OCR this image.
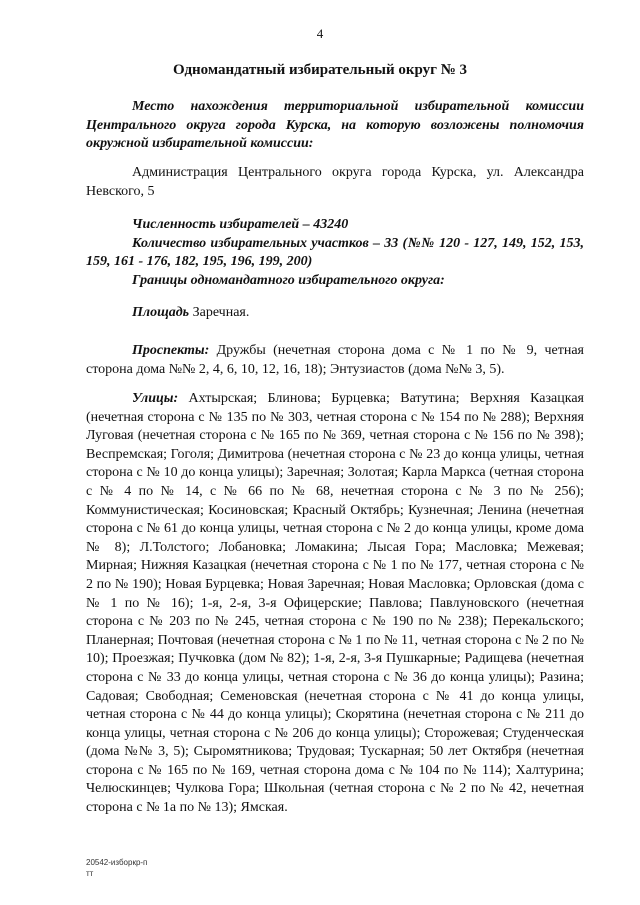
4
Одномандатный избирательный округ № 3
Место нахождения территориальной избирательной комиссии Центрального округа города Курска, на которую возложены полномочия окружной избирательной комиссии:
Администрация Центрального округа города Курска, ул. Александра Невского, 5
Численность избирателей – 43240
Количество избирательных участков – 33 (№№ 120 - 127, 149, 152, 153, 159, 161 - 176, 182, 195, 196, 199, 200)
Границы одномандатного избирательного округа:
Площадь Заречная.
Проспекты: Дружбы (нечетная сторона дома с № 1 по № 9, четная сторона дома №№ 2, 4, 6, 10, 12, 16, 18); Энтузиастов (дома №№ 3, 5).
Улицы: Ахтырская; Блинова; Бурцевка; Ватутина; Верхняя Казацкая (нечетная сторона с № 135 по № 303, четная сторона с № 154 по № 288); Верхняя Луговая (нечетная сторона с № 165 по № 369, четная сторона с № 156 по № 398); Веспремская; Гоголя; Димитрова (нечетная сторона с № 23 до конца улицы, четная сторона с № 10 до конца улицы); Заречная; Золотая; Карла Маркса (четная сторона с № 4 по № 14, с № 66 по № 68, нечетная сторона с № 3 по № 256); Коммунистическая; Косиновская; Красный Октябрь; Кузнечная; Ленина (нечетная сторона с № 61 до конца улицы, четная сторона с № 2 до конца улицы, кроме дома № 8); Л.Толстого; Лобановка; Ломакина; Лысая Гора; Масловка; Межевая; Мирная; Нижняя Казацкая (нечетная сторона с № 1 по № 177, четная сторона с № 2 по № 190); Новая Бурцевка; Новая Заречная; Новая Масловка; Орловская (дома с № 1 по № 16); 1-я, 2-я, 3-я Офицерские; Павлова; Павлуновского (нечетная сторона с № 203 по № 245, четная сторона с № 190 по № 238); Перекальского; Планерная; Почтовая (нечетная сторона с № 1 по № 11, четная сторона с № 2 по № 10); Проезжая; Пучковка (дом № 82); 1-я, 2-я, 3-я Пушкарные; Радищева (нечетная сторона с № 33 до конца улицы, четная сторона с № 36 до конца улицы); Разина; Садовая; Свободная; Семеновская (нечетная сторона с № 41 до конца улицы, четная сторона с № 44 до конца улицы); Скорятина (нечетная сторона с № 211 до конца улицы, четная сторона с № 206 до конца улицы); Сторожевая; Студенческая (дома №№ 3, 5); Сыромятникова; Трудовая; Тускарная; 50 лет Октября (нечетная сторона с № 165 по № 169, четная сторона дома с № 104 по № 114); Халтурина; Челюскинцев; Чулкова Гора; Школьная (четная сторона с № 2 по № 42, нечетная сторона с № 1а по № 13); Ямская.
20542-изборкр-п
тт
